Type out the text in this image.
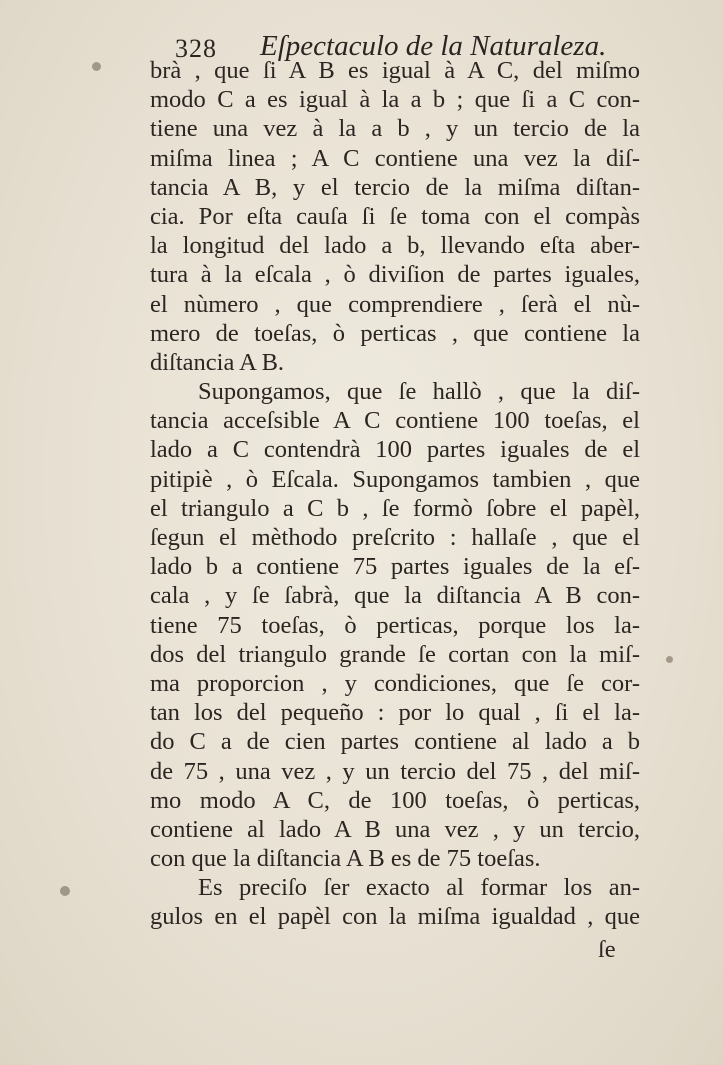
328 Eſpectaculo de la Naturaleza.
brà , que ſi A B es igual à A C, del miſmo
modo C a es igual à la a b ; que ſi a C con-
tiene una vez à la a b , y un tercio de la
miſma linea ; A C contiene una vez la diſ-
tancia A B, y el tercio de la miſma diſtan-
cia. Por eſta cauſa ſi ſe toma con el compàs
la longitud del lado a b, llevando eſta aber-
tura à la eſcala , ò diviſion de partes iguales,
el nùmero , que comprendiere , ſerà el nù-
mero de toeſas, ò perticas , que contiene la
diſtancia A B.
Supongamos, que ſe hallò , que la diſ-
tancia acceſsible A C contiene 100 toeſas, el
lado a C contendrà 100 partes iguales de el
pitipiè , ò Eſcala. Supongamos tambien , que
el triangulo a C b , ſe formò ſobre el papèl,
ſegun el mèthodo preſcrito : hallaſe , que el
lado b a contiene 75 partes iguales de la eſ-
cala , y ſe ſabrà, que la diſtancia A B con-
tiene 75 toeſas, ò perticas, porque los la-
dos del triangulo grande ſe cortan con la miſ-
ma proporcion , y condiciones, que ſe cor-
tan los del pequeño : por lo qual , ſi el la-
do C a de cien partes contiene al lado a b
de 75 , una vez , y un tercio del 75 , del miſ-
mo modo A C, de 100 toeſas, ò perticas,
contiene al lado A B una vez , y un tercio,
con que la diſtancia A B es de 75 toeſas.
Es preciſo ſer exacto al formar los an-
gulos en el papèl con la miſma igualdad , que
ſe
